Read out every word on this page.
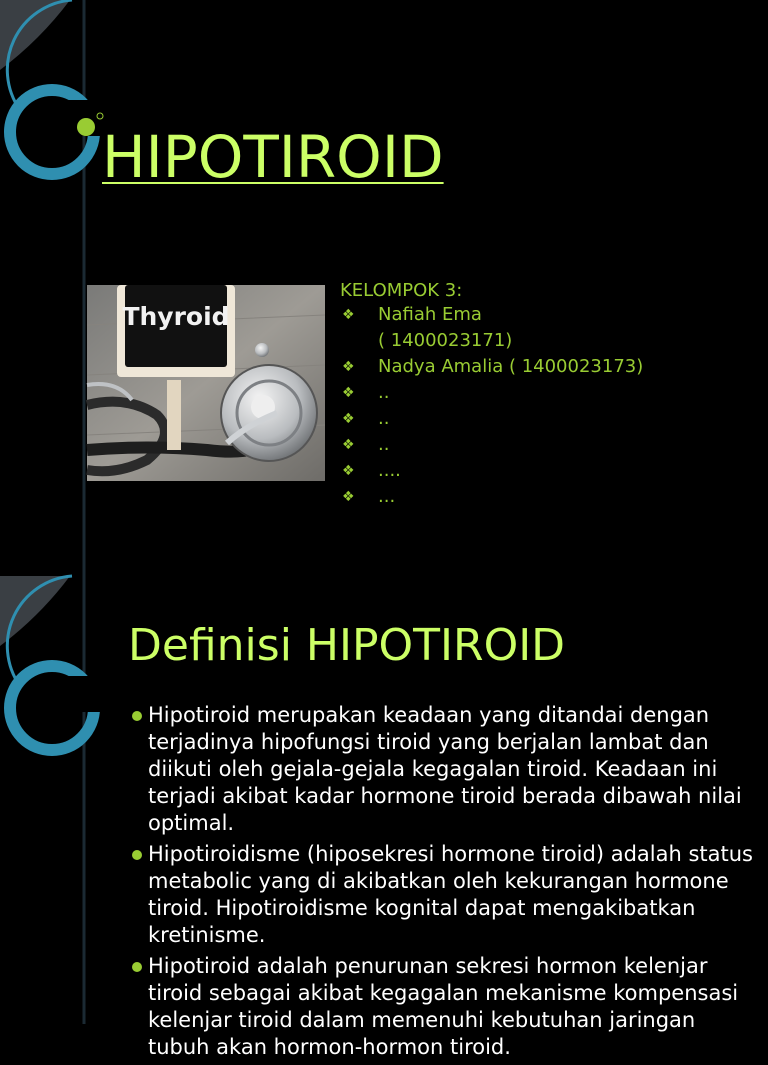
HIPOTIROID
Thyroid
KELOMPOK 3:
❖ Nafiah Ema
( 1400023171)
❖ Nadya Amalia ( 1400023173)
❖ ..
❖ ..
❖ ..
❖ ....
❖ ...
Definisi HIPOTIROID
Hipotiroid merupakan keadaan yang ditandai dengan terjadinya hipofungsi tiroid yang berjalan lambat dan diikuti oleh gejala-gejala kegagalan tiroid. Keadaan ini terjadi akibat kadar hormone tiroid berada dibawah nilai optimal.
Hipotiroidisme (hiposekresi hormone tiroid) adalah status metabolic yang di akibatkan oleh kekurangan hormone tiroid. Hipotiroidisme kognital dapat mengakibatkan kretinisme.
Hipotiroid adalah penurunan sekresi hormon kelenjar tiroid sebagai akibat kegagalan mekanisme kompensasi kelenjar tiroid dalam memenuhi kebutuhan jaringan tubuh akan hormon-hormon tiroid.
